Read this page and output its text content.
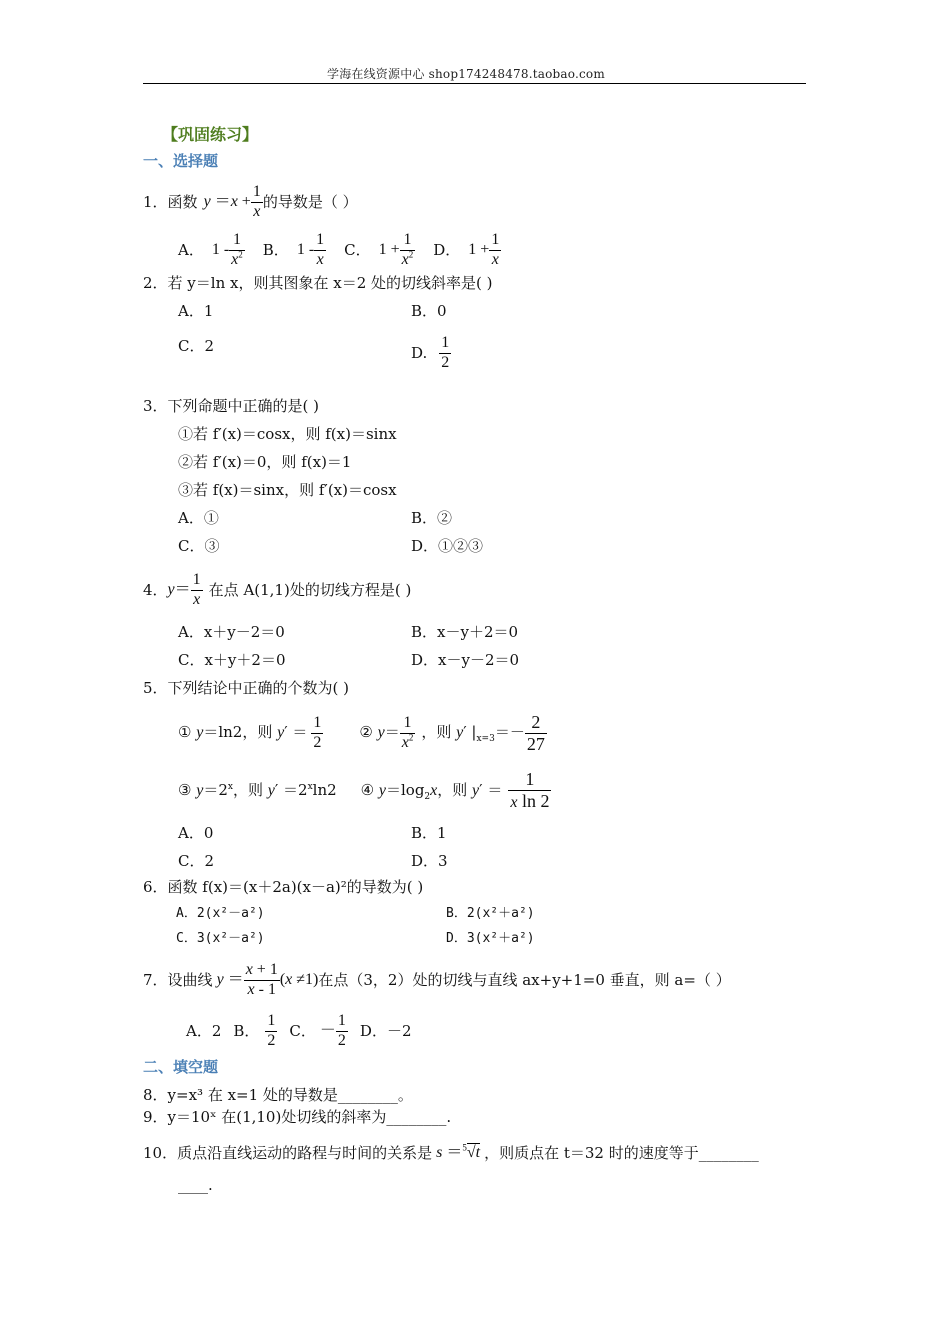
学海在线资源中心 shop174248478.taobao.com
【巩固练习】
一、选择题
1． 函数 $y =x + \frac{1}{x}$ 的导数是（ ）
A． $1 - \frac{1}{x^2}$ B． $1 - \frac{1}{x}$ C． $1 + \frac{1}{x^2}$ D． $1 + \frac{1}{x}$
2．若 y＝ln x，则其图象在 x＝2 处的切线斜率是( )
A．1	B．0
C．2	D. $\frac{1}{2}$
3．下列命题中正确的是( )
①若 f′(x)＝cosx，则 f(x)＝sinx
②若 f′(x)＝0，则 f(x)＝1
③若 f(x)＝sinx，则 f′(x)＝cosx
A．①	B．②
C．③	D．①②③
4． $y= \frac{1}{x}$ 在点 A(1,1)处的切线方程是( )
A．x＋y－2＝0	B．x－y＋2＝0
C．x＋y＋2＝0	D．x－y－2＝0
5．下列结论中正确的个数为( )
① y＝ln2，则 $y' = \frac{1}{2}$ ② $y= \frac{1}{x^2}$ ，则 y′ $|_{x=3}=- \frac{2}{27}$
③ $y=2^x$，则 $y' =2^x\ln 2$ ④ $y=\log_2x$，则 $y' = \frac{1}{\text{x ln 2}}$
A．0	B．1
C．2	D．3
6．函数 f(x)＝(x＋2a)(x－a)²的导数为( )
A．2(x²－a²)	B．2(x²＋a²)
C．3(x²－a²)	D．3(x²＋a²)
7． 设曲线 $y = \frac{x + 1}{x - 1} (x \ne 1)$ 在点（3，2）处的切线与直线 ax+y+1=0 垂直，则 a=（ ）
A．2 B． $\frac{1}{2}$ C． － $\frac{1}{2}$ D．－2
二、填空题
8．y=x³ 在 x=1 处的导数是________。
9．y＝10ˣ 在(1,10)处切线的斜率为________.
10．质点沿直线运动的路程与时间的关系是 s ＝$^5$√t ，则质点在 t＝32 时的速度等于________
____.
